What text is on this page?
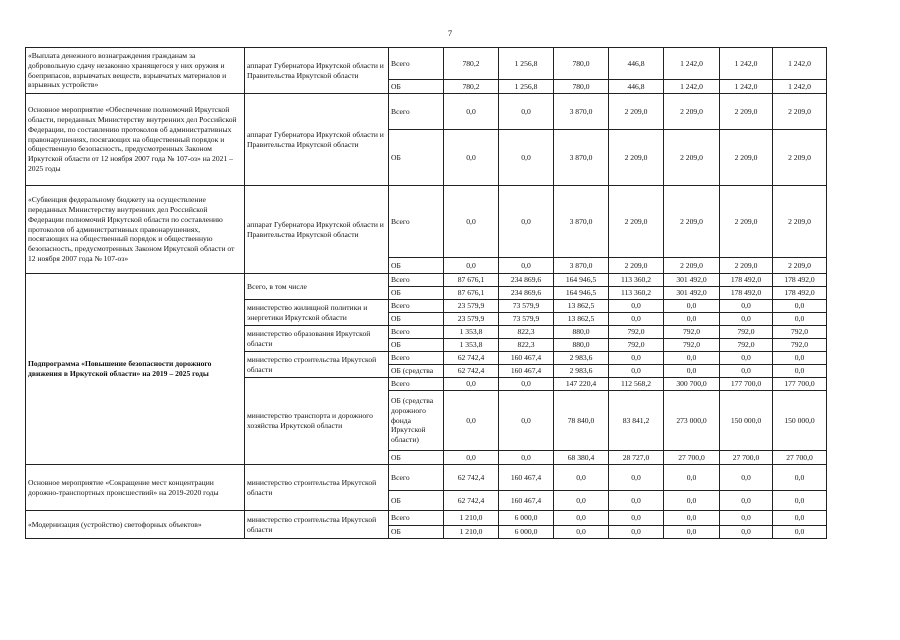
7
«Выплата денежного вознаграждения гражданам за добровольную сдачу незаконно хранящегося у них оружия и боеприпасов, взрывчатых веществ, взрывчатых материалов и взрывных устройств»	аппарат Губернатора Иркутской области и Правительства Иркутской области	Всего	780,2	1 256,8	780,0	446,8	1 242,0	1 242,0	1 242,0
		ОБ	780,2	1 256,8	780,0	446,8	1 242,0	1 242,0	1 242,0
Основное мероприятие «Обеспечение полномочий Иркутской области, переданных Министерству внутренних дел Российской Федерации, по составлению протоколов об административных правонарушениях, посягающих на общественный порядок и общественную безопасность, предусмотренных Законом Иркутской области от 12 ноября 2007 года № 107-оз» на 2021 – 2025 годы	аппарат Губернатора Иркутской области и Правительства Иркутской области	Всего	0,0	0,0	3 870,0	2 209,0	2 209,0	2 209,0	2 209,0
		ОБ	0,0	0,0	3 870,0	2 209,0	2 209,0	2 209,0	2 209,0
«Субвенция федеральному бюджету на осуществление переданных Министерству внутренних дел Российской Федерации полномочий Иркутской области по составлению протоколов об административных правонарушениях, посягающих на общественный порядок и общественную безопасность, предусмотренных Законом Иркутской области от 12 ноября 2007 года № 107-оз»	аппарат Губернатора Иркутской области и Правительства Иркутской области	Всего	0,0	0,0	3 870,0	2 209,0	2 209,0	2 209,0	2 209,0
		ОБ	0,0	0,0	3 870,0	2 209,0	2 209,0	2 209,0	2 209,0
Подпрограмма «Повышение безопасности дорожного движения в Иркутской области» на 2019 – 2025 годы	Всего, в том числе	Всего	87 676,1	234 869,6	164 946,5	113 360,2	301 492,0	178 492,0	178 492,0
		ОБ	87 676,1	234 869,6	164 946,5	113 360,2	301 492,0	178 492,0	178 492,0
	министерство жилищной политики и энергетики Иркутской области	Всего	23 579,9	73 579,9	13 862,5	0,0	0,0	0,0	0,0
		ОБ	23 579,9	73 579,9	13 862,5	0,0	0,0	0,0	0,0
	министерство образования Иркутской области	Всего	1 353,8	822,3	880,0	792,0	792,0	792,0	792,0
		ОБ	1 353,8	822,3	880,0	792,0	792,0	792,0	792,0
	министерство строительства Иркутской области	Всего	62 742,4	160 467,4	2 983,6	0,0	0,0	0,0	0,0
		ОБ (средства	62 742,4	160 467,4	2 983,6	0,0	0,0	0,0	0,0
	министерство транспорта и дорожного хозяйства Иркутской области	Всего	0,0	0,0	147 220,4	112 568,2	300 700,0	177 700,0	177 700,0
		ОБ (средства дорожного фонда Иркутской области)	0,0	0,0	78 840,0	83 841,2	273 000,0	150 000,0	150 000,0
		ОБ	0,0	0,0	68 380,4	28 727,0	27 700,0	27 700,0	27 700,0
Основное мероприятие «Сокращение мест концентрации дорожно-транспортных происшествий» на 2019-2020 годы	министерство строительства Иркутской области	Всего	62 742,4	160 467,4	0,0	0,0	0,0	0,0	0,0
		ОБ	62 742,4	160 467,4	0,0	0,0	0,0	0,0	0,0
«Модернизация (устройство) светофорных объектов»	министерство строительства Иркутской области	Всего	1 210,0	6 000,0	0,0	0,0	0,0	0,0	0,0
		ОБ	1 210,0	6 000,0	0,0	0,0	0,0	0,0	0,0
